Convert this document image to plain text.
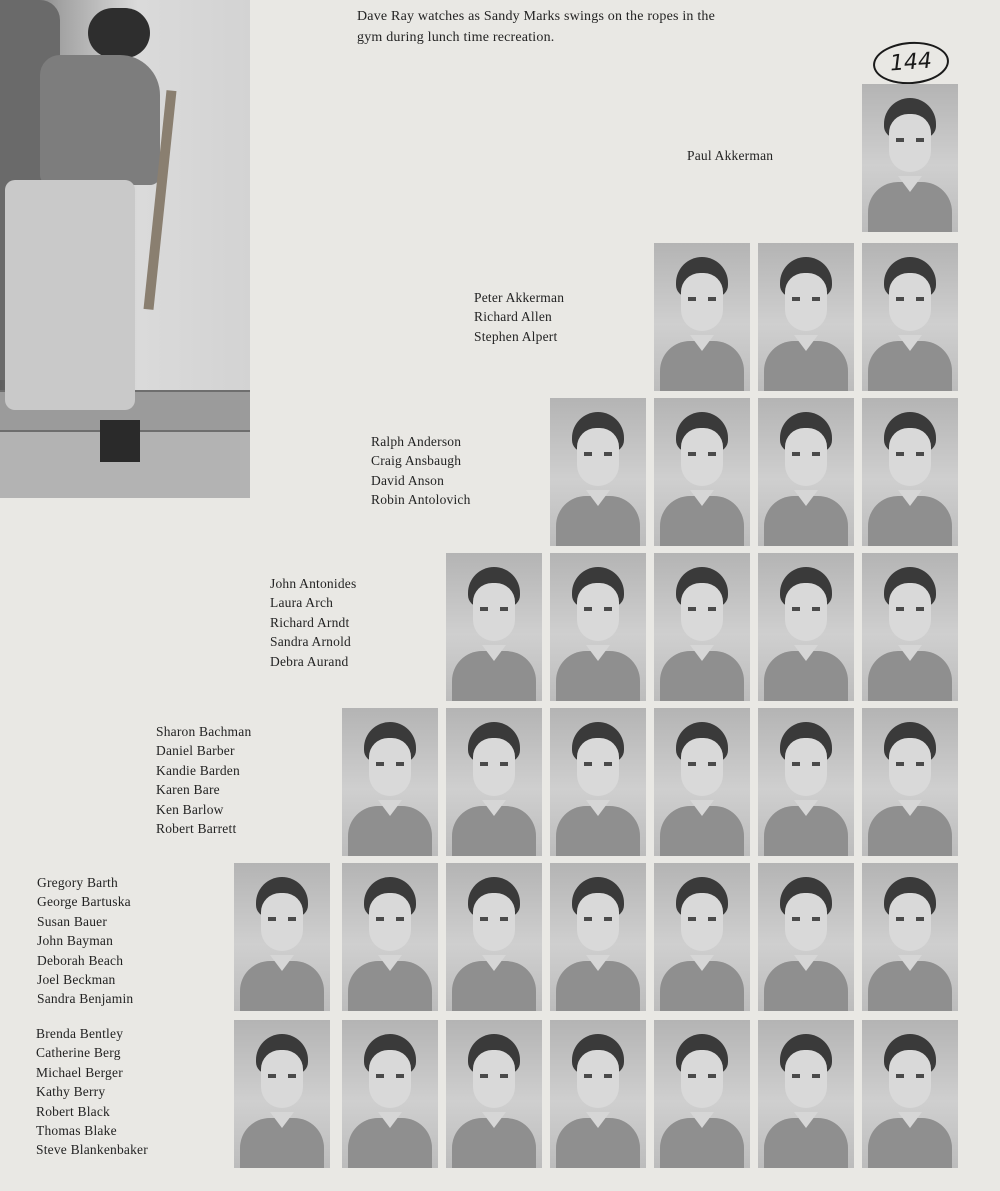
Dave Ray watches as Sandy Marks swings on the ropes in the gym during lunch time recreation.
144
Paul Akkerman
Peter Akkerman
Richard Allen
Stephen Alpert
Ralph Anderson
Craig Ansbaugh
David Anson
Robin Antolovich
John Antonides
Laura Arch
Richard Arndt
Sandra Arnold
Debra Aurand
Sharon Bachman
Daniel Barber
Kandie Barden
Karen Bare
Ken Barlow
Robert Barrett
Gregory Barth
George Bartuska
Susan Bauer
John Bayman
Deborah Beach
Joel Beckman
Sandra Benjamin
Brenda Bentley
Catherine Berg
Michael Berger
Kathy Berry
Robert Black
Thomas Blake
Steve Blankenbaker
